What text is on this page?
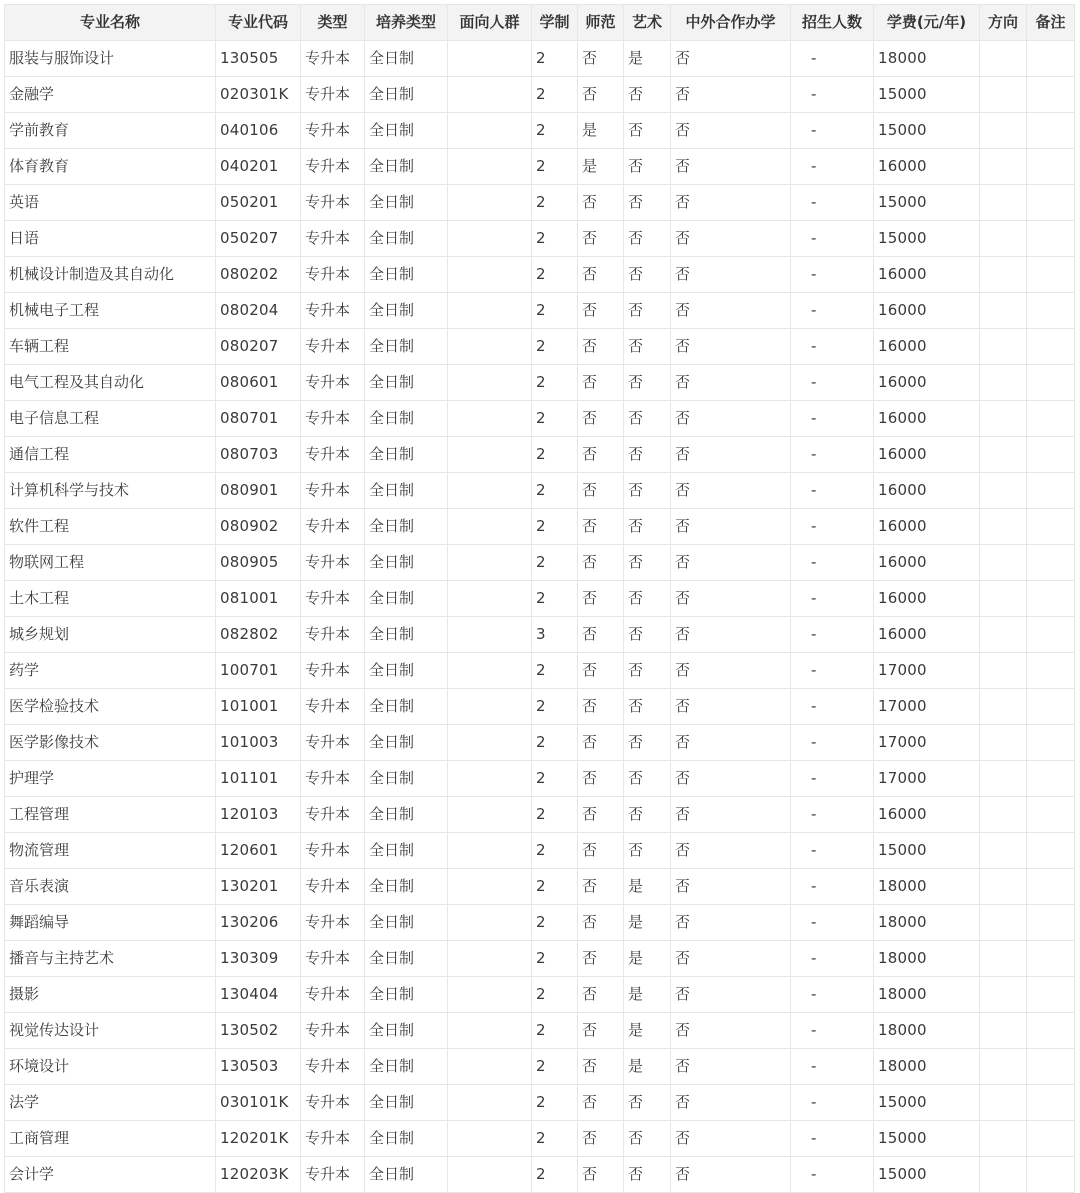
专业名称	专业代码	类型	培养类型	面向人群	学制	师范	艺术	中外合作办学	招生人数	学费(元/年)	方向	备注
服装与服饰设计	130505	专升本	全日制		2	否	是	否	-	18000		
金融学	020301K	专升本	全日制		2	否	否	否	-	15000		
学前教育	040106	专升本	全日制		2	是	否	否	-	15000		
体育教育	040201	专升本	全日制		2	是	否	否	-	16000		
英语	050201	专升本	全日制		2	否	否	否	-	15000		
日语	050207	专升本	全日制		2	否	否	否	-	15000		
机械设计制造及其自动化	080202	专升本	全日制		2	否	否	否	-	16000		
机械电子工程	080204	专升本	全日制		2	否	否	否	-	16000		
车辆工程	080207	专升本	全日制		2	否	否	否	-	16000		
电气工程及其自动化	080601	专升本	全日制		2	否	否	否	-	16000		
电子信息工程	080701	专升本	全日制		2	否	否	否	-	16000		
通信工程	080703	专升本	全日制		2	否	否	否	-	16000		
计算机科学与技术	080901	专升本	全日制		2	否	否	否	-	16000		
软件工程	080902	专升本	全日制		2	否	否	否	-	16000		
物联网工程	080905	专升本	全日制		2	否	否	否	-	16000		
土木工程	081001	专升本	全日制		2	否	否	否	-	16000		
城乡规划	082802	专升本	全日制		3	否	否	否	-	16000		
药学	100701	专升本	全日制		2	否	否	否	-	17000		
医学检验技术	101001	专升本	全日制		2	否	否	否	-	17000		
医学影像技术	101003	专升本	全日制		2	否	否	否	-	17000		
护理学	101101	专升本	全日制		2	否	否	否	-	17000		
工程管理	120103	专升本	全日制		2	否	否	否	-	16000		
物流管理	120601	专升本	全日制		2	否	否	否	-	15000		
音乐表演	130201	专升本	全日制		2	否	是	否	-	18000		
舞蹈编导	130206	专升本	全日制		2	否	是	否	-	18000		
播音与主持艺术	130309	专升本	全日制		2	否	是	否	-	18000		
摄影	130404	专升本	全日制		2	否	是	否	-	18000		
视觉传达设计	130502	专升本	全日制		2	否	是	否	-	18000		
环境设计	130503	专升本	全日制		2	否	是	否	-	18000		
法学	030101K	专升本	全日制		2	否	否	否	-	15000		
工商管理	120201K	专升本	全日制		2	否	否	否	-	15000		
会计学	120203K	专升本	全日制		2	否	否	否	-	15000		
